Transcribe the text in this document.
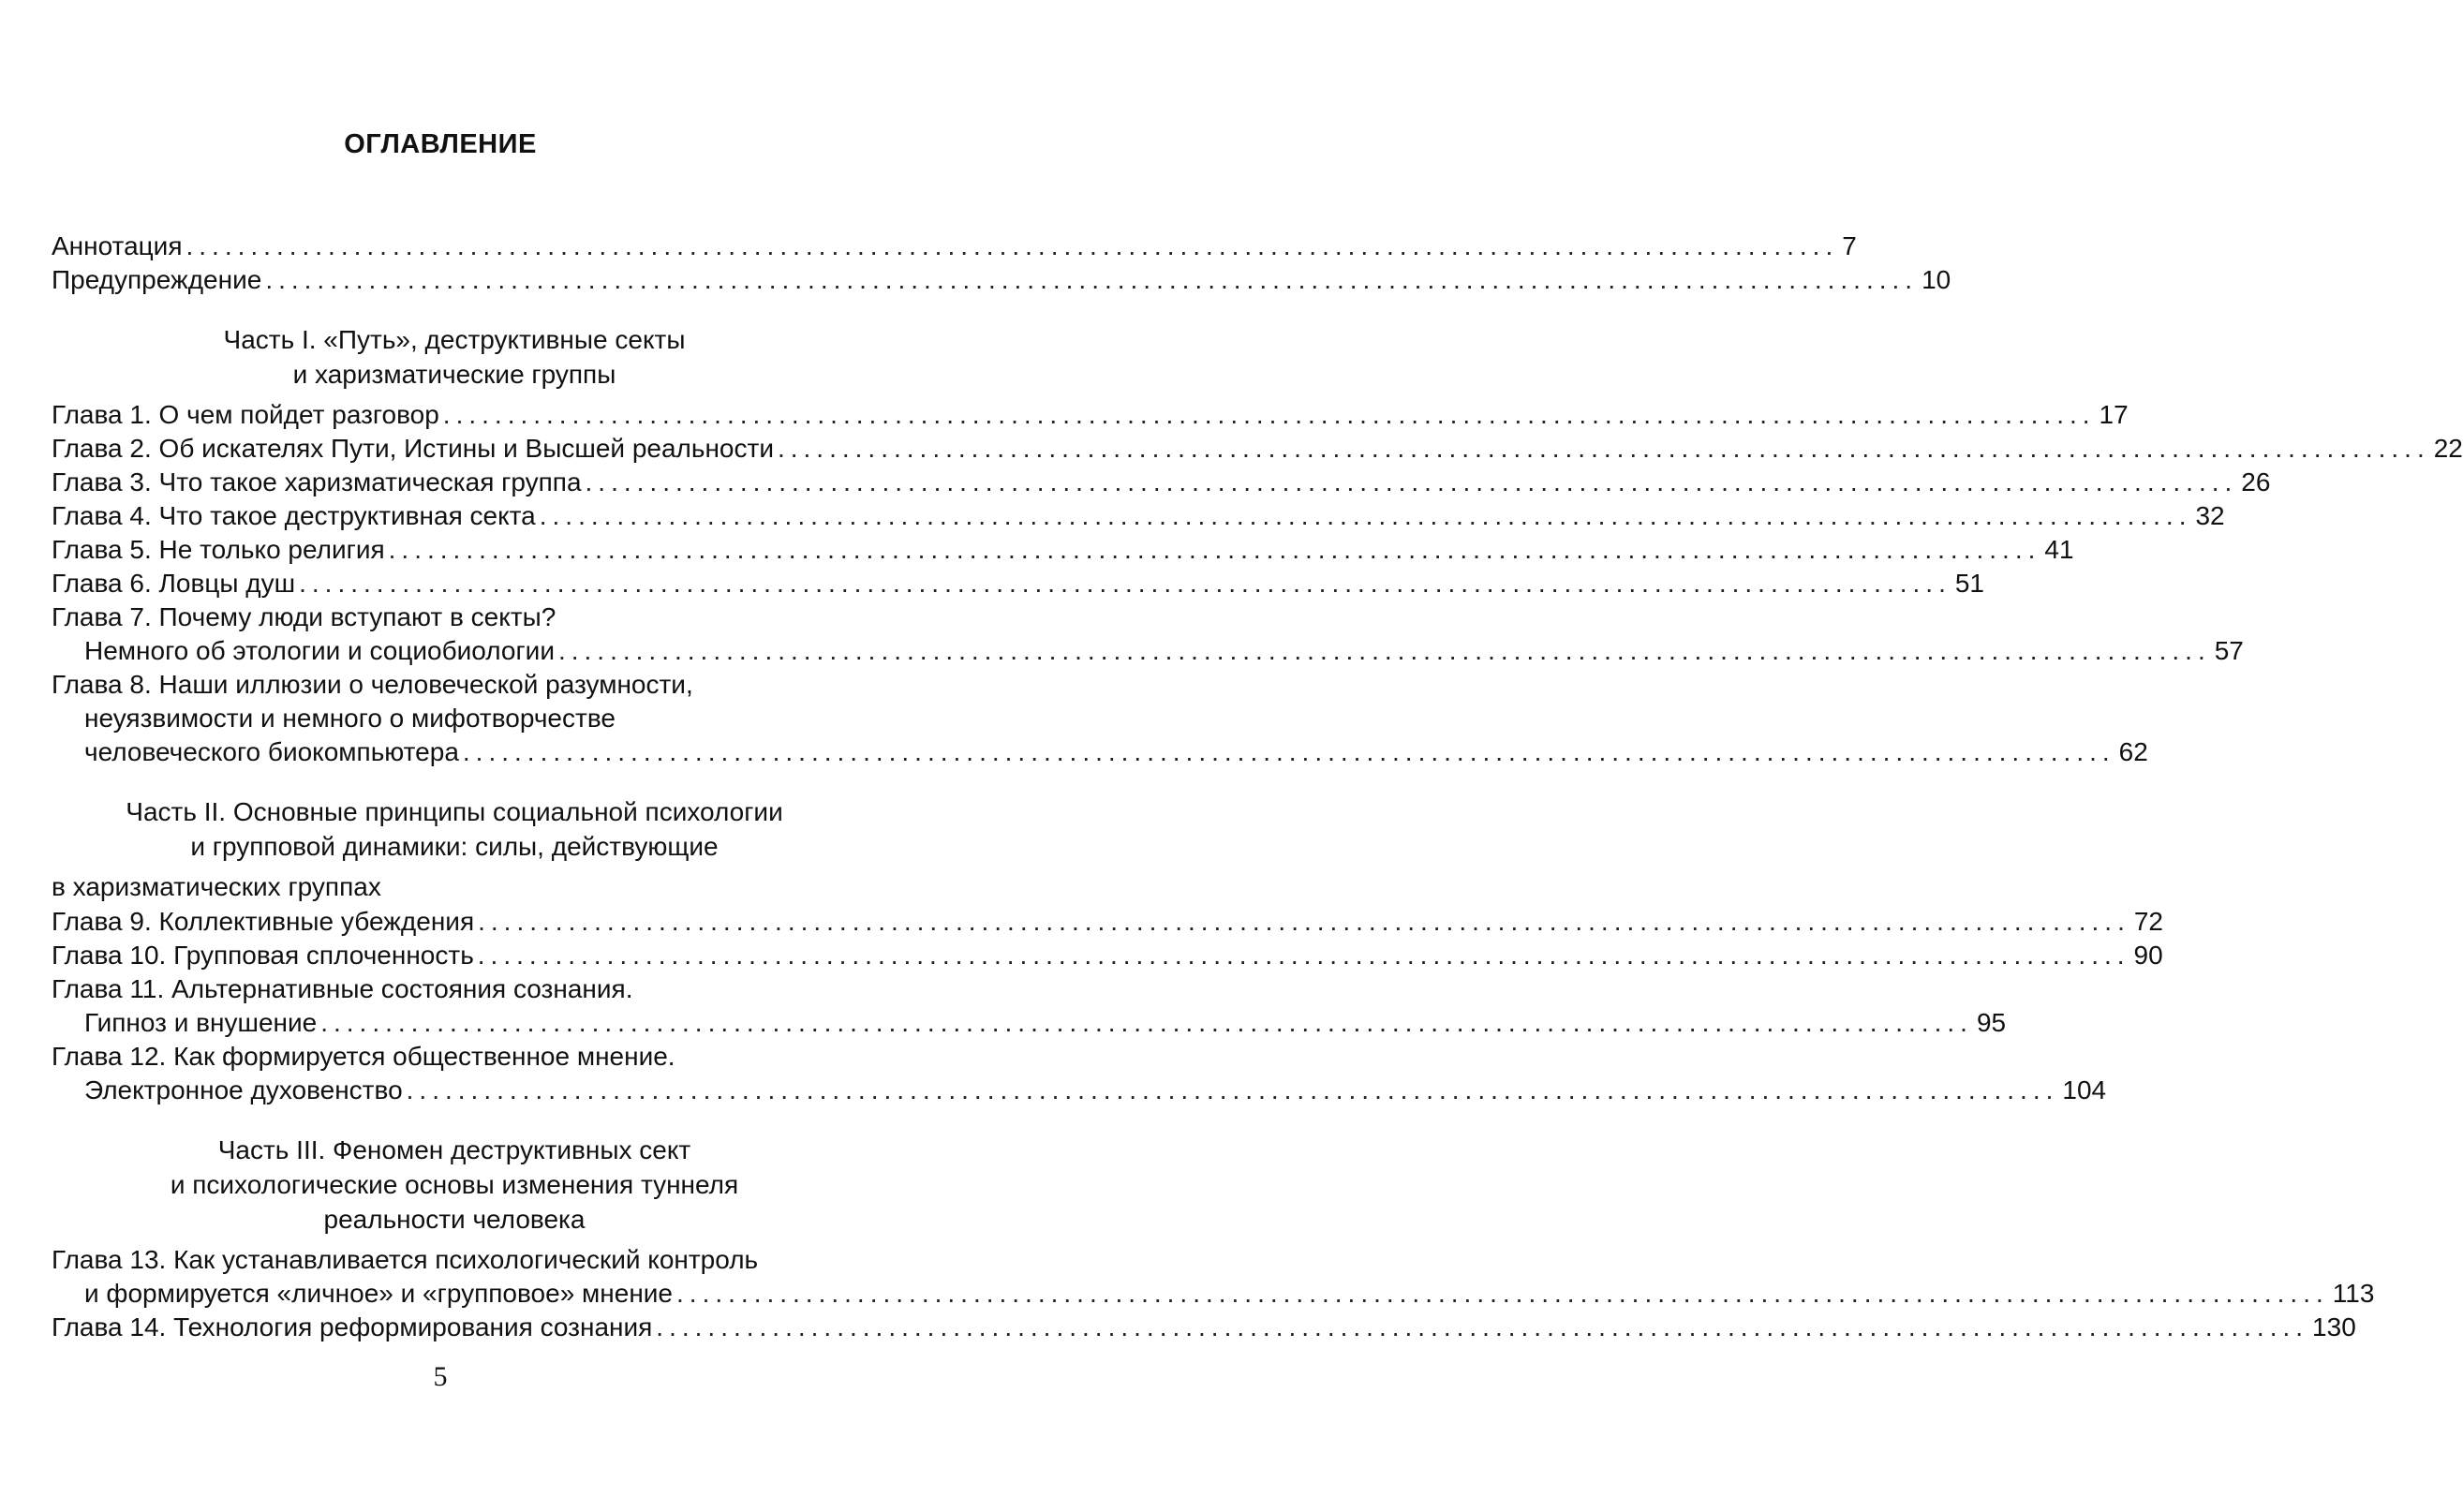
ОГЛАВЛЕНИЕ
Аннотация ................................................................................................................................ 7
Предупреждение ................................................................................................................................ 10
Часть I. «Путь», деструктивные секты
и харизматические группы
Глава 1. О чем пойдет разговор ................................................................................................................................ 17
Глава 2. Об искателях Пути, Истины и Высшей реальности ................................................................................................................................ 22
Глава 3. Что такое харизматическая группа ................................................................................................................................ 26
Глава 4. Что такое деструктивная секта ................................................................................................................................ 32
Глава 5. Не только религия ................................................................................................................................ 41
Глава 6. Ловцы душ ................................................................................................................................ 51
Глава 7. Почему люди вступают в секты?
Немного об этологии и социобиологии ................................................................................................................................ 57
Глава 8. Наши иллюзии о человеческой разумности,
неуязвимости и немного о мифотворчестве
человеческого биокомпьютера ................................................................................................................................ 62
Часть II. Основные принципы социальной психологии
и групповой динамики: силы, действующие
в харизматических группах
Глава 9. Коллективные убеждения ................................................................................................................................ 72
Глава 10. Групповая сплоченность ................................................................................................................................ 90
Глава 11. Альтернативные состояния сознания.
Гипноз и внушение ................................................................................................................................ 95
Глава 12. Как формируется общественное мнение.
Электронное духовенство ................................................................................................................................ 104
Часть III. Феномен деструктивных сект
и психологические основы изменения туннеля
реальности человека
Глава 13. Как устанавливается психологический контроль
и формируется «личное» и «групповое» мнение ................................................................................................................................ 113
Глава 14. Технология реформирования сознания ................................................................................................................................ 130
5
